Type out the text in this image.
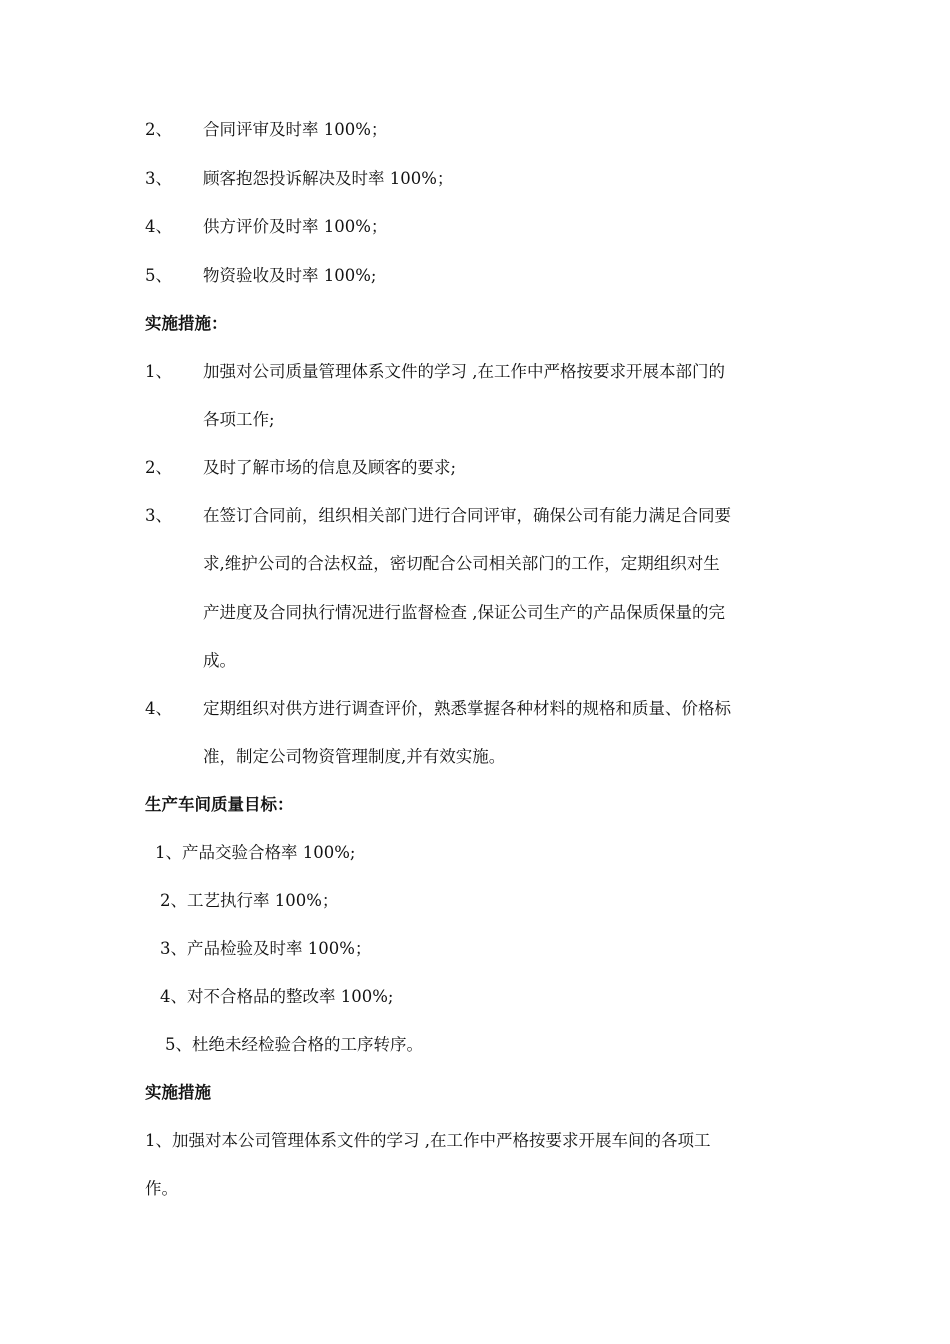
2、 合同评审及时率 100%；
3、 顾客抱怨投诉解决及时率 100%；
4、 供方评价及时率 100%；
5、 物资验收及时率 100%;
实施措施：
1、 加强对公司质量管理体系文件的学习 ,在工作中严格按要求开展本部门的
各项工作;
2、 及时了解市场的信息及顾客的要求;
3、 在签订合同前，组织相关部门进行合同评审，确保公司有能力满足合同要
求,维护公司的合法权益，密切配合公司相关部门的工作，定期组织对生
产进度及合同执行情况进行监督检查 ,保证公司生产的产品保质保量的完
成。
4、 定期组织对供方进行调查评价，熟悉掌握各种材料的规格和质量、价格标
准，制定公司物资管理制度,并有效实施。
生产车间质量目标：
1、产品交验合格率 100%;
2、工艺执行率 100%；
3、产品检验及时率 100%；
4、对不合格品的整改率 100%;
5、杜绝未经检验合格的工序转序。
实施措施
1、加强对本公司管理体系文件的学习 ,在工作中严格按要求开展车间的各项工
作。
